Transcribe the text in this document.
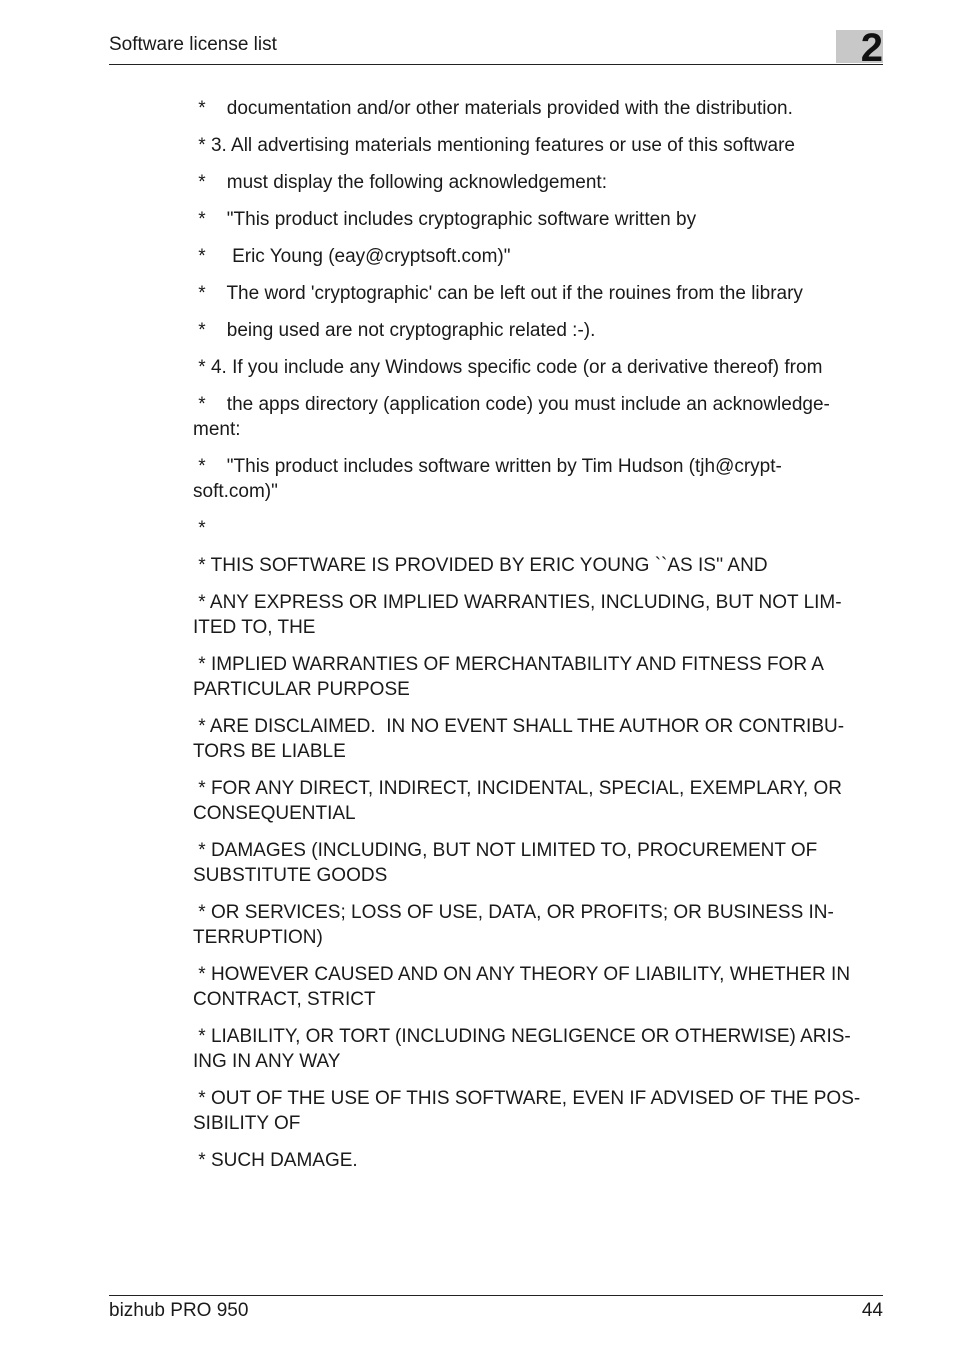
Software license list	2

*    documentation and/or other materials provided with the distribution.

* 3. All advertising materials mentioning features or use of this software

*    must display the following acknowledgement:

*    "This product includes cryptographic software written by

*     Eric Young (eay@cryptsoft.com)"

*    The word 'cryptographic' can be left out if the rouines from the library

*    being used are not cryptographic related :-).

* 4. If you include any Windows specific code (or a derivative thereof) from

*    the apps directory (application code) you must include an acknowledge-
ment:

*    "This product includes software written by Tim Hudson (tjh@crypt-
soft.com)"

*

* THIS SOFTWARE IS PROVIDED BY ERIC YOUNG ``AS IS'' AND

* ANY EXPRESS OR IMPLIED WARRANTIES, INCLUDING, BUT NOT LIM-
ITED TO, THE

* IMPLIED WARRANTIES OF MERCHANTABILITY AND FITNESS FOR A
PARTICULAR PURPOSE

* ARE DISCLAIMED.  IN NO EVENT SHALL THE AUTHOR OR CONTRIBU-
TORS BE LIABLE

* FOR ANY DIRECT, INDIRECT, INCIDENTAL, SPECIAL, EXEMPLARY, OR
CONSEQUENTIAL

* DAMAGES (INCLUDING, BUT NOT LIMITED TO, PROCUREMENT OF
SUBSTITUTE GOODS

* OR SERVICES; LOSS OF USE, DATA, OR PROFITS; OR BUSINESS IN-
TERRUPTION)

* HOWEVER CAUSED AND ON ANY THEORY OF LIABILITY, WHETHER IN
CONTRACT, STRICT

* LIABILITY, OR TORT (INCLUDING NEGLIGENCE OR OTHERWISE) ARIS-
ING IN ANY WAY

* OUT OF THE USE OF THIS SOFTWARE, EVEN IF ADVISED OF THE POS-
SIBILITY OF

* SUCH DAMAGE.

bizhub PRO 950	44
